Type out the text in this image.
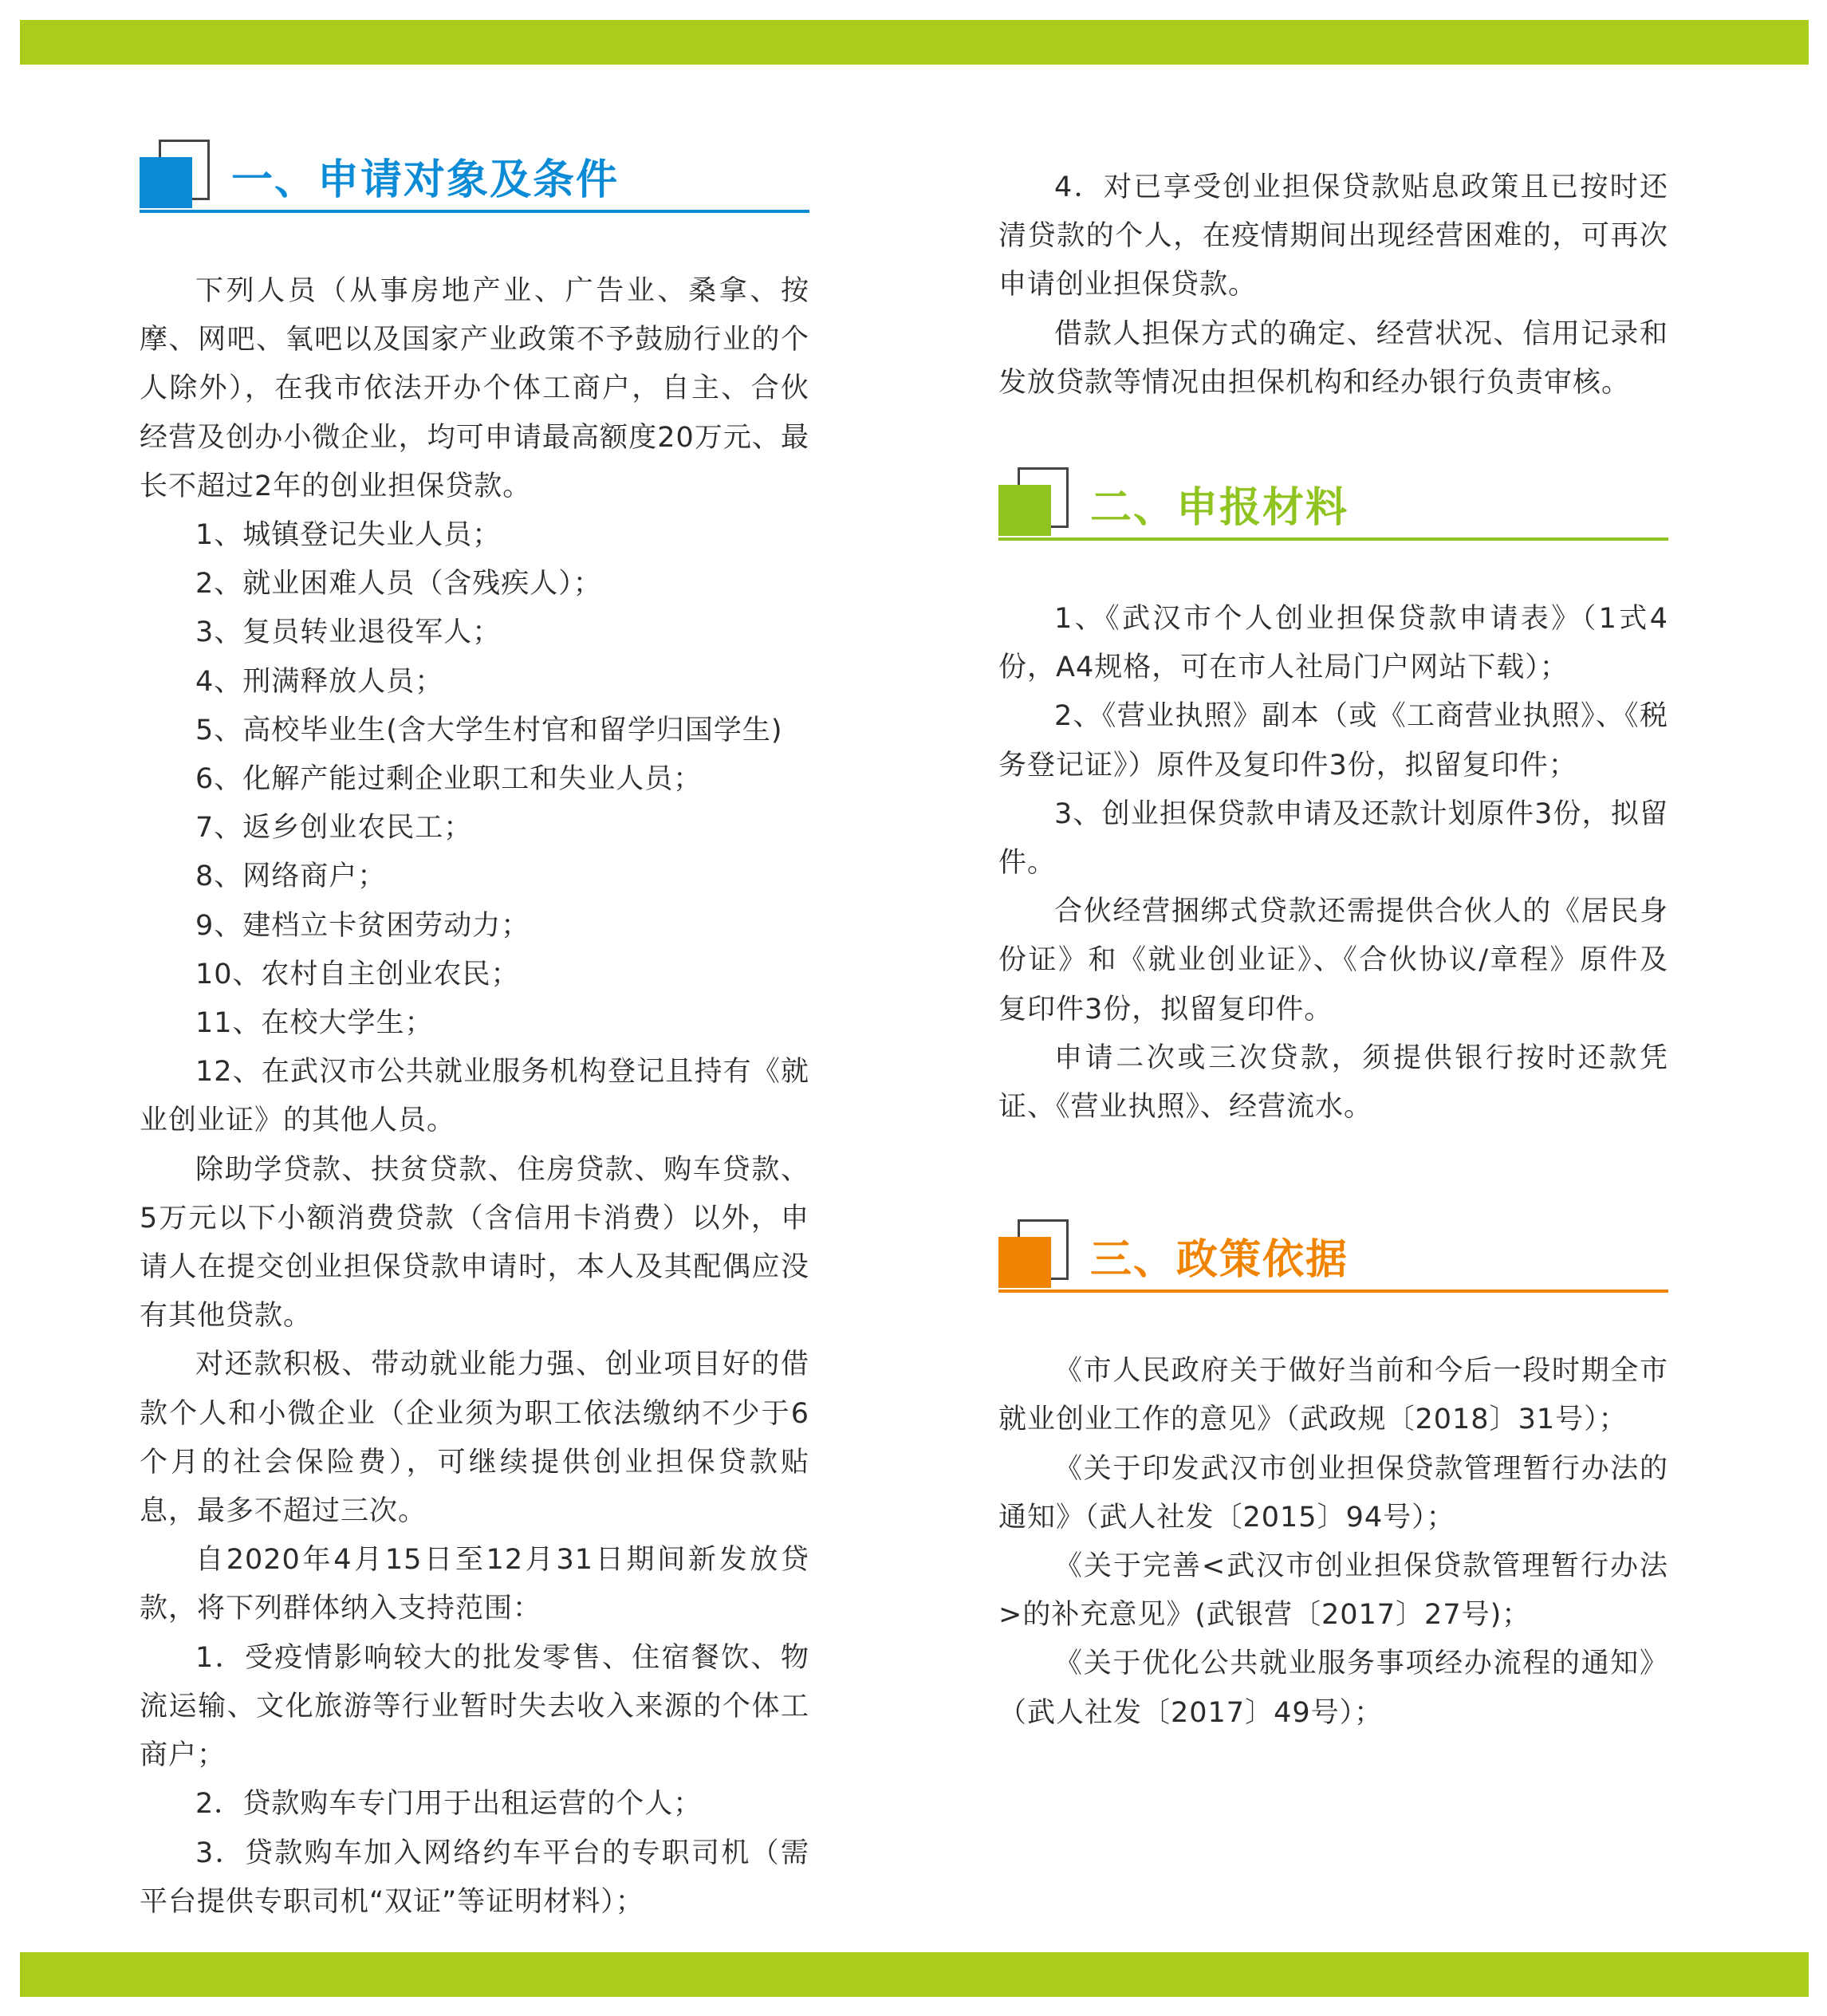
一、申请对象及条件

下列人员（从事房地产业、广告业、桑拿、按摩、网吧、氧吧以及国家产业政策不予鼓励行业的个人除外），在我市依法开办个体工商户，自主、合伙经营及创办小微企业，均可申请最高额度20万元、最长不超过2年的创业担保贷款。

1、城镇登记失业人员；
2、就业困难人员（含残疾人）；
3、复员转业退役军人；
4、刑满释放人员；
5、高校毕业生(含大学生村官和留学归国学生)
6、化解产能过剩企业职工和失业人员；
7、返乡创业农民工；
8、网络商户；
9、建档立卡贫困劳动力；
10、农村自主创业农民；
11、在校大学生；
12、在武汉市公共就业服务机构登记且持有《就业创业证》的其他人员。

除助学贷款、扶贫贷款、住房贷款、购车贷款、5万元以下小额消费贷款（含信用卡消费）以外，申请人在提交创业担保贷款申请时，本人及其配偶应没有其他贷款。

对还款积极、带动就业能力强、创业项目好的借款个人和小微企业（企业须为职工依法缴纳不少于6个月的社会保险费），可继续提供创业担保贷款贴息，最多不超过三次。

自2020年4月15日至12月31日期间新发放贷款，将下列群体纳入支持范围：

1．受疫情影响较大的批发零售、住宿餐饮、物流运输、文化旅游等行业暂时失去收入来源的个体工商户；
2．贷款购车专门用于出租运营的个人；
3．贷款购车加入网络约车平台的专职司机（需平台提供专职司机“双证”等证明材料）；
4．对已享受创业担保贷款贴息政策且已按时还清贷款的个人，在疫情期间出现经营困难的，可再次申请创业担保贷款。

借款人担保方式的确定、经营状况、信用记录和发放贷款等情况由担保机构和经办银行负责审核。

二、申报材料
1、《武汉市个人创业担保贷款申请表》（1式4份，A4规格，可在市人社局门户网站下载）；
2、《营业执照》副本（或《工商营业执照》、《税务登记证》）原件及复印件3份，拟留复印件；
3、创业担保贷款申请及还款计划原件3份，拟留件。
合伙经营捆绑式贷款还需提供合伙人的《居民身份证》和《就业创业证》、《合伙协议/章程》原件及复印件3份，拟留复印件。
申请二次或三次贷款，须提供银行按时还款凭证、《营业执照》、经营流水。
三、政策依据
《市人民政府关于做好当前和今后一段时期全市就业创业工作的意见》（武政规〔2018〕31号）；
《关于印发武汉市创业担保贷款管理暂行办法的通知》（武人社发〔2015〕94号）；
《关于完善<武汉市创业担保贷款管理暂行办法>的补充意见》(武银营〔2017〕27号)；
《关于优化公共就业服务事项经办流程的通知》（武人社发〔2017〕49号）；
